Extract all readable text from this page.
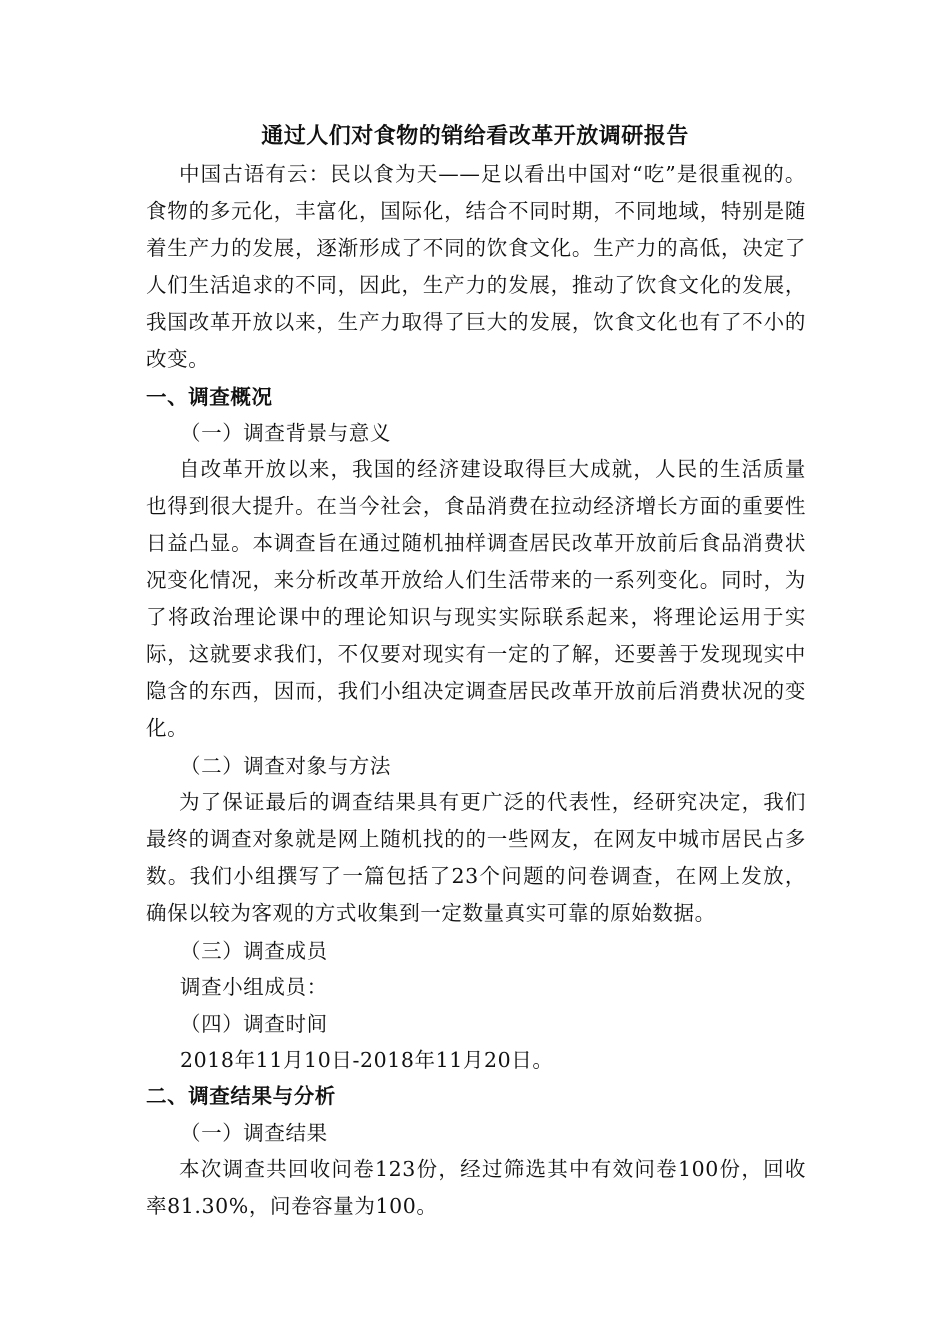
通过人们对食物的销给看改革开放调研报告
中国古语有云：民以食为天——足以看出中国对“吃”是很重视的。食物的多元化，丰富化，国际化，结合不同时期，不同地域，特别是随着生产力的发展，逐渐形成了不同的饮食文化。生产力的高低，决定了人们生活追求的不同，因此，生产力的发展，推动了饮食文化的发展，我国改革开放以来，生产力取得了巨大的发展，饮食文化也有了不小的改变。
一、调查概况
（一）调查背景与意义
自改革开放以来，我国的经济建设取得巨大成就，人民的生活质量也得到很大提升。在当今社会，食品消费在拉动经济增长方面的重要性日益凸显。本调查旨在通过随机抽样调查居民改革开放前后食品消费状况变化情况，来分析改革开放给人们生活带来的一系列变化。同时，为了将政治理论课中的理论知识与现实实际联系起来，将理论运用于实际，这就要求我们，不仅要对现实有一定的了解，还要善于发现现实中隐含的东西，因而，我们小组决定调查居民改革开放前后消费状况的变化。
（二）调查对象与方法
为了保证最后的调查结果具有更广泛的代表性，经研究决定，我们最终的调查对象就是网上随机找的的一些网友，在网友中城市居民占多数。我们小组撰写了一篇包括了23个问题的问卷调查，在网上发放，确保以较为客观的方式收集到一定数量真实可靠的原始数据。
（三）调查成员
调查小组成员：
（四）调查时间
2018年11月10日-2018年11月20日。
二、调查结果与分析
（一）调查结果
本次调查共回收问卷123份，经过筛选其中有效问卷100份，回收率81.30%，问卷容量为100。
